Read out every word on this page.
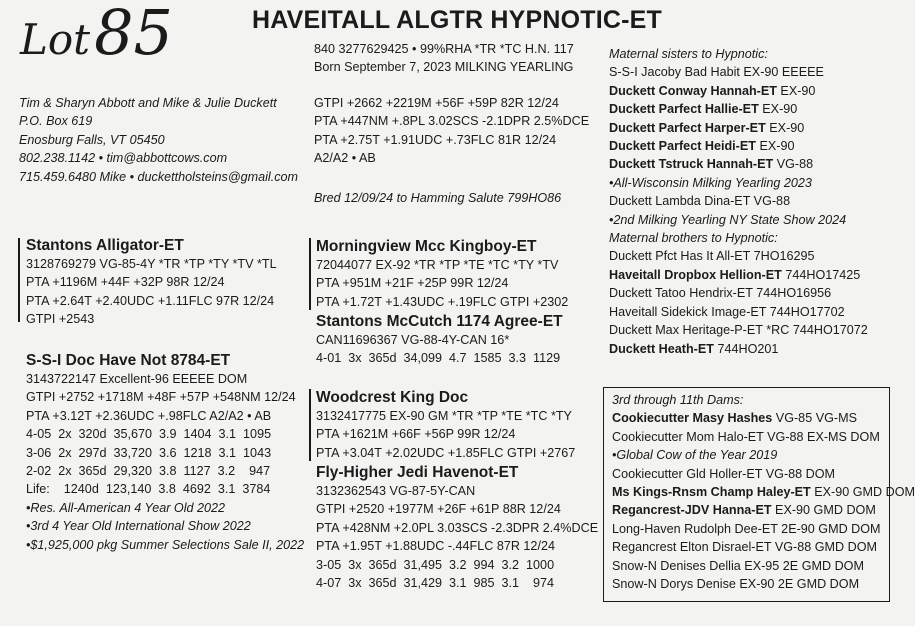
Lot85	HAVEITALL ALGTR HYPNOTIC-ET
Tim & Sharyn Abbott and Mike & Julie Duckett
P.O. Box 619
Enosburg Falls, VT 05450
802.238.1142 • tim@abbottcows.com
715.459.6480 Mike • duckettholsteins@gmail.com
840 3277629425 • 99%RHA *TR *TC H.N. 117
Born September 7, 2023 MILKING YEARLING
GTPI +2662 +2219M +56F +59P 82R 12/24
PTA +447NM +.8PL 3.02SCS -2.1DPR 2.5%DCE
PTA +2.75T +1.91UDC +.73FLC 81R 12/24
A2/A2 • AB
Bred 12/09/24 to Hamming Salute 799HO86
Stantons Alligator-ET
3128769279 VG-85-4Y *TR *TP *TY *TV *TL
PTA +1196M +44F +32P 98R 12/24
PTA +2.64T +2.40UDC +1.11FLC 97R 12/24
GTPI +2543
S-S-I Doc Have Not 8784-ET
3143722147 Excellent-96 EEEEE DOM
GTPI +2752 +1718M +48F +57P +548NM 12/24
PTA +3.12T +2.36UDC +.98FLC A2/A2 • AB
4-05  2x  320d  35,670  3.9  1404  3.1  1095
3-06  2x  297d  33,720  3.6  1218  3.1  1043
2-02  2x  365d  29,320  3.8  1127  3.2    947
Life:    1240d  123,140  3.8  4692  3.1  3784
•Res. All-American 4 Year Old 2022
•3rd 4 Year Old International Show 2022
•$1,925,000 pkg Summer Selections Sale II, 2022
Morningview Mcc Kingboy-ET
72044077 EX-92 *TR *TP *TE *TC *TY *TV
PTA +951M +21F +25P 99R 12/24
PTA +1.72T +1.43UDC +.19FLC GTPI +2302
Stantons McCutch 1174 Agree-ET
CAN11696367 VG-88-4Y-CAN 16*
4-01  3x  365d  34,099  4.7  1585  3.3  1129
Woodcrest King Doc
3132417775 EX-90 GM *TR *TP *TE *TC *TY
PTA +1621M +66F +56P 99R 12/24
PTA +3.04T +2.02UDC +1.85FLC GTPI +2767
Fly-Higher Jedi Havenot-ET
3132362543 VG-87-5Y-CAN
GTPI +2520 +1977M +26F +61P 88R 12/24
PTA +428NM +2.0PL 3.03SCS -2.3DPR 2.4%DCE
PTA +1.95T +1.88UDC -.44FLC 87R 12/24
3-05  3x  365d  31,495  3.2  994  3.2  1000
4-07  3x  365d  31,429  3.1  985  3.1    974
Maternal sisters to Hypnotic:
S-S-I Jacoby Bad Habit EX-90 EEEEE
Duckett Conway Hannah-ET EX-90
Duckett Parfect Hallie-ET EX-90
Duckett Parfect Harper-ET EX-90
Duckett Parfect Heidi-ET EX-90
Duckett Tstruck Hannah-ET VG-88
•All-Wisconsin Milking Yearling 2023
Duckett Lambda Dina-ET VG-88
•2nd Milking Yearling NY State Show 2024
Maternal brothers to Hypnotic:
Duckett Pfct Has It All-ET 7HO16295
Haveitall Dropbox Hellion-ET 744HO17425
Duckett Tatoo Hendrix-ET 744HO16956
Haveitall Sidekick Image-ET 744HO17702
Duckett Max Heritage-P-ET *RC 744HO17072
Duckett Heath-ET 744HO201
3rd through 11th Dams:
Cookiecutter Masy Hashes VG-85 VG-MS
Cookiecutter Mom Halo-ET VG-88 EX-MS DOM
•Global Cow of the Year 2019
Cookiecutter Gld Holler-ET VG-88 DOM
Ms Kings-Rnsm Champ Haley-ET EX-90 GMD DOM
Regancrest-JDV Hanna-ET EX-90 GMD DOM
Long-Haven Rudolph Dee-ET 2E-90 GMD DOM
Regancrest Elton Disrael-ET VG-88 GMD DOM
Snow-N Denises Dellia EX-95 2E GMD DOM
Snow-N Dorys Denise EX-90 2E GMD DOM
